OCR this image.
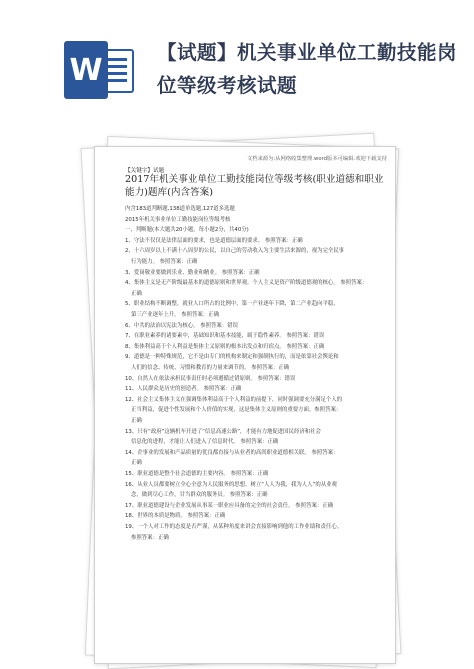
W	【试题】机关事业单位工勤技能岗位等级考核试题
文档来源为:从网络收集整理.word版本可编辑.欢迎下载支持
【关键字】试题
2017年机关事业单位工勤技能岗位等级考核(职业道德和职业能力)题库(内含答案)

内含183道判断题,138道单选题,127道多选题

2015年机关事业单位工勤技能岗位等级考核

一、判断题(本大题共20小题，每小题2分，共40分)

1、守法不仅仅是法律层面的要求，也是道德层面的要求。 参照答案：正确

2、十六周岁以上不满十八周岁的公民，以自己的劳动收入为主要生活来源的，视为完全民事

行为能力。 参照答案：正确

3、爱岗敬业要做到乐业、勤业和精业。 参照答案：正确

4、集体主义是无产阶级最基本的道德原则和世界观。个人主义是资产阶级道德观的核心。 参照答案：

正确

5、职业结构不断调整，就业人口所占的比例中，第一产业逐年下降，第二产业趋向平稳，

第三产业逐年上升。 参照答案：正确

6、中共的法治以宪法为核心。 参照答案：错误

7、在职业素养的诸要素中，基础知识和基本技能，属于隐性素养。 参照答案：错误

8、集体利益高于个人利益是集体主义原则的根本出发点和归宿点。 参照答案：正确

9、道德是一种特殊规范，它不是由专门的机构来制定和强制执行的，而是依靠社会舆论和

人们的信念、传统、习惯和教育的力量来调节的。 参照答案：正确

10、自然人在依法承担民事责任时必须遵循过错原则。 参照答案：错误

11、人民群众是历史的创造者。 参照答案：正确

12、社会主义集体主义在强调集体利益高于个人利益的前提下，同时强调要充分满足个人的

正当利益，促进个性发展和个人价值的实现，这是集体主义原则的重要方面。参照答案：

正确

13、只有“政府”这辆机车开进了“信息高速公路”，才能有力地促进国民经济和社会

信息化的进程，才能让人们进入了信息时代。 参照答案：正确

14、企事业的发展和产品质量的优良都直接与从业者的高尚职业道德相关联。 参照答案：

正确

15、职业道德是整个社会道德的主要内容。 参照答案：正确

16、从业人员都要树立全心全意为人民服务的思想，树立“人人为我，我为人人”的从业观

念，做到尽心工作，甘当群众的服务员。 参照答案：正确

17、职业道德建设与企业发展从事某一职业应具备的完全的社会责任。 参照答案：正确

18、世界的本质是物质。 参照答案：正确

19、一个人对工作的态度是否严谨，从某种角度来讲会直接影响到他的工作业绩和责任心。

参照答案：正确
